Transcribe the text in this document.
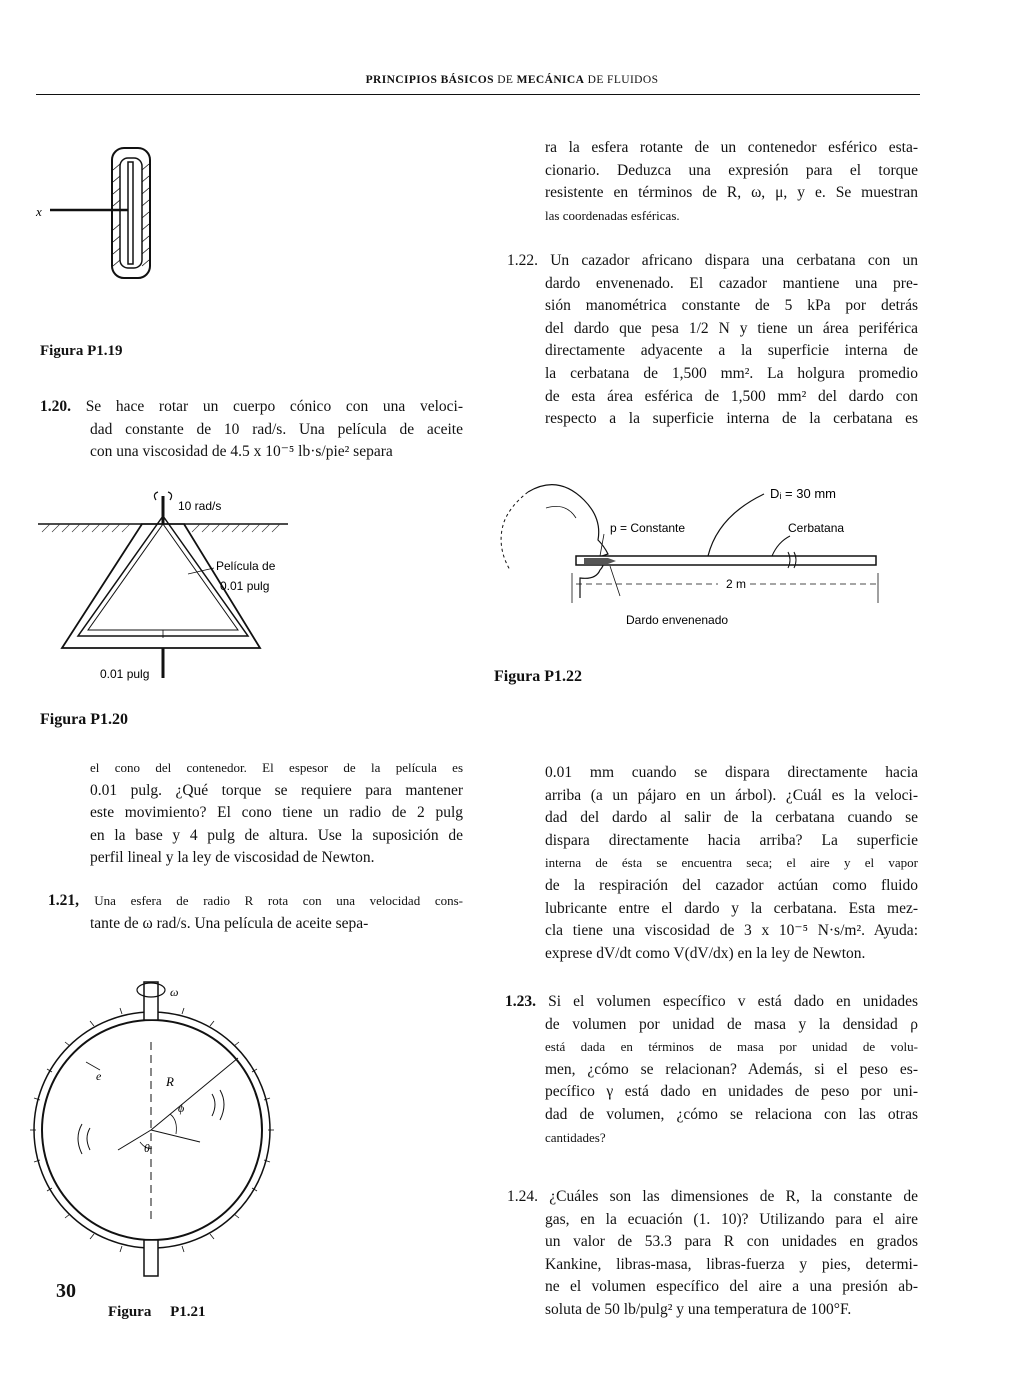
PRINCIPIOS BÁSICOS DE MECÁNICA DE FLUIDOS
x
Figura P1.19
1.20. Se hace rotar un cuerpo cónico con una veloci-
dad constante de 10 rad/s. Una película de aceite
con una viscosidad de 4.5 x 10⁻⁵ lb·s/pie² separa
10 rad/s
Película de
0.01 pulg
0.01 pulg
Figura P1.20
el cono del contenedor. El espesor de la película es
0.01 pulg. ¿Qué torque se requiere para mantener
este movimiento? El cono tiene un radio de 2 pulg
en la base y 4 pulg de altura. Use la suposición de
perfil lineal y la ley de viscosidad de Newton.
1.21, Una esfera de radio R rota con una velocidad cons-
tante de ω rad/s. Una película de aceite sepa-
ω
e	R
ϕ
θ
30
Figura     P1.21
ra la esfera rotante de un contenedor esférico esta-
cionario. Deduzca una expresión para el torque
resistente en términos de R, ω, μ, y e. Se muestran
las coordenadas esféricas.
1.22. Un cazador africano dispara una cerbatana con un
dardo envenenado. El cazador mantiene una pre-
sión manométrica constante de 5 kPa por detrás
del dardo que pesa 1/2 N y tiene un área periférica
directamente adyacente a la superficie interna de
la cerbatana de 1,500 mm². La holgura promedio
de esta área esférica de 1,500 mm² del dardo con
respecto a la superficie interna de la cerbatana es
2 m
Dardo envenenado
p = Constante
Dᵢ = 30 mm
Cerbatana
Figura P1.22
0.01 mm cuando se dispara directamente hacia
arriba (a un pájaro en un árbol). ¿Cuál es la veloci-
dad del dardo al salir de la cerbatana cuando se
dispara directamente hacia arriba? La superficie
interna de ésta se encuentra seca; el aire y el vapor
de la respiración del cazador actúan como fluido
lubricante entre el dardo y la cerbatana. Esta mez-
cla tiene una viscosidad de 3 x 10⁻⁵ N·s/m². Ayuda:
exprese dV/dt como V(dV/dx) en la ley de Newton.
1.23. Si el volumen específico v está dado en unidades
de volumen por unidad de masa y la densidad ρ
está dada en términos de masa por unidad de volu-
men, ¿cómo se relacionan? Además, si el peso es-
pecífico γ está dado en unidades de peso por uni-
dad de volumen, ¿cómo se relaciona con las otras
cantidades?
1.24. ¿Cuáles son las dimensiones de R, la constante de
gas, en la ecuación (1. 10)? Utilizando para el aire
un valor de 53.3 para R con unidades en grados
Kankine, libras-masa, libras-fuerza y pies, determi-
ne el volumen específico del aire a una presión ab-
soluta de 50 lb/pulg² y una temperatura de 100°F.
